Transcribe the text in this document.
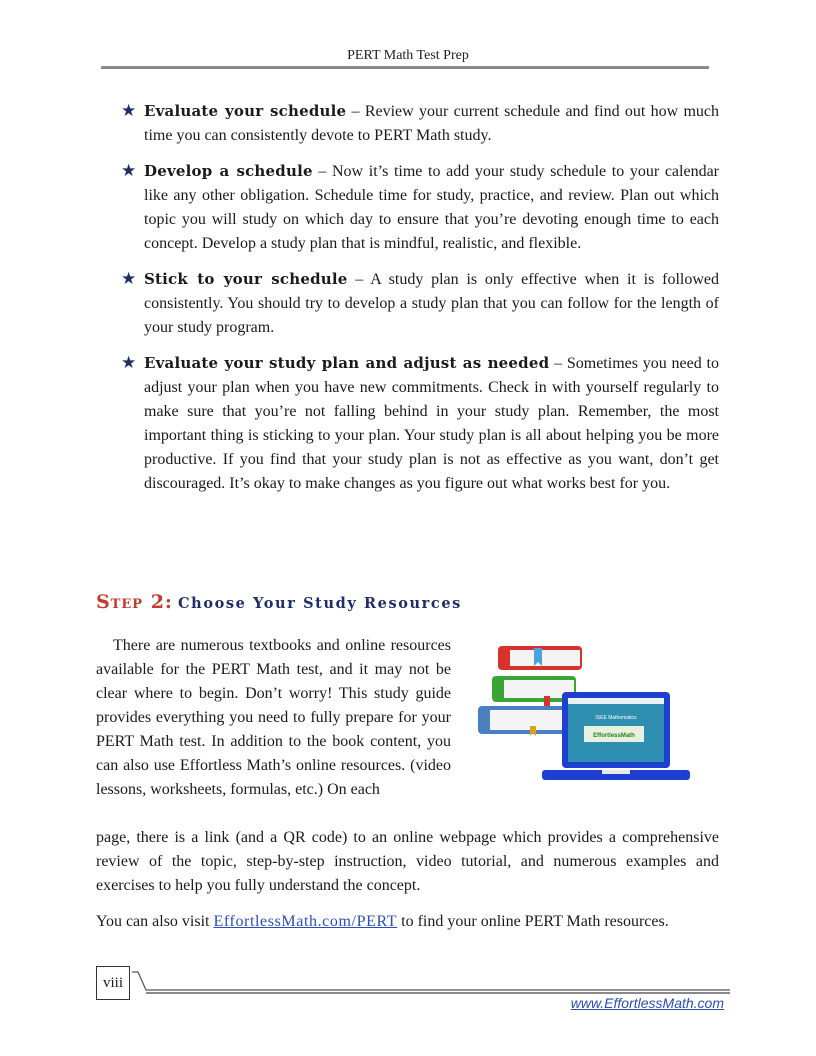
PERT Math Test Prep
★ Evaluate your schedule – Review your current schedule and find out how much time you can consistently devote to PERT Math study.
★ Develop a schedule – Now it’s time to add your study schedule to your calendar like any other obligation. Schedule time for study, practice, and review. Plan out which topic you will study on which day to ensure that you’re devoting enough time to each concept. Develop a study plan that is mindful, realistic, and flexible.
★ Stick to your schedule – A study plan is only effective when it is followed consistently. You should try to develop a study plan that you can follow for the length of your study program.
★ Evaluate your study plan and adjust as needed – Sometimes you need to adjust your plan when you have new commitments. Check in with yourself regularly to make sure that you’re not falling behind in your study plan. Remember, the most important thing is sticking to your plan. Your study plan is all about helping you be more productive. If you find that your study plan is not as effective as you want, don’t get discouraged. It’s okay to make changes as you figure out what works best for you.
Step 2: Choose Your Study Resources
There are numerous textbooks and online resources available for the PERT Math test, and it may not be clear where to begin. Don’t worry! This study guide provides everything you need to fully prepare for your PERT Math test. In addition to the book content, you can also use Effortless Math’s online resources. (video lessons, worksheets, formulas, etc.) On each
ISEE Mathematics
EffortlessMath
page, there is a link (and a QR code) to an online webpage which provides a comprehensive review of the topic, step-by-step instruction, video tutorial, and numerous examples and exercises to help you fully understand the concept.
You can also visit EffortlessMath.com/PERT to find your online PERT Math resources.
viii
www.EffortlessMath.com
